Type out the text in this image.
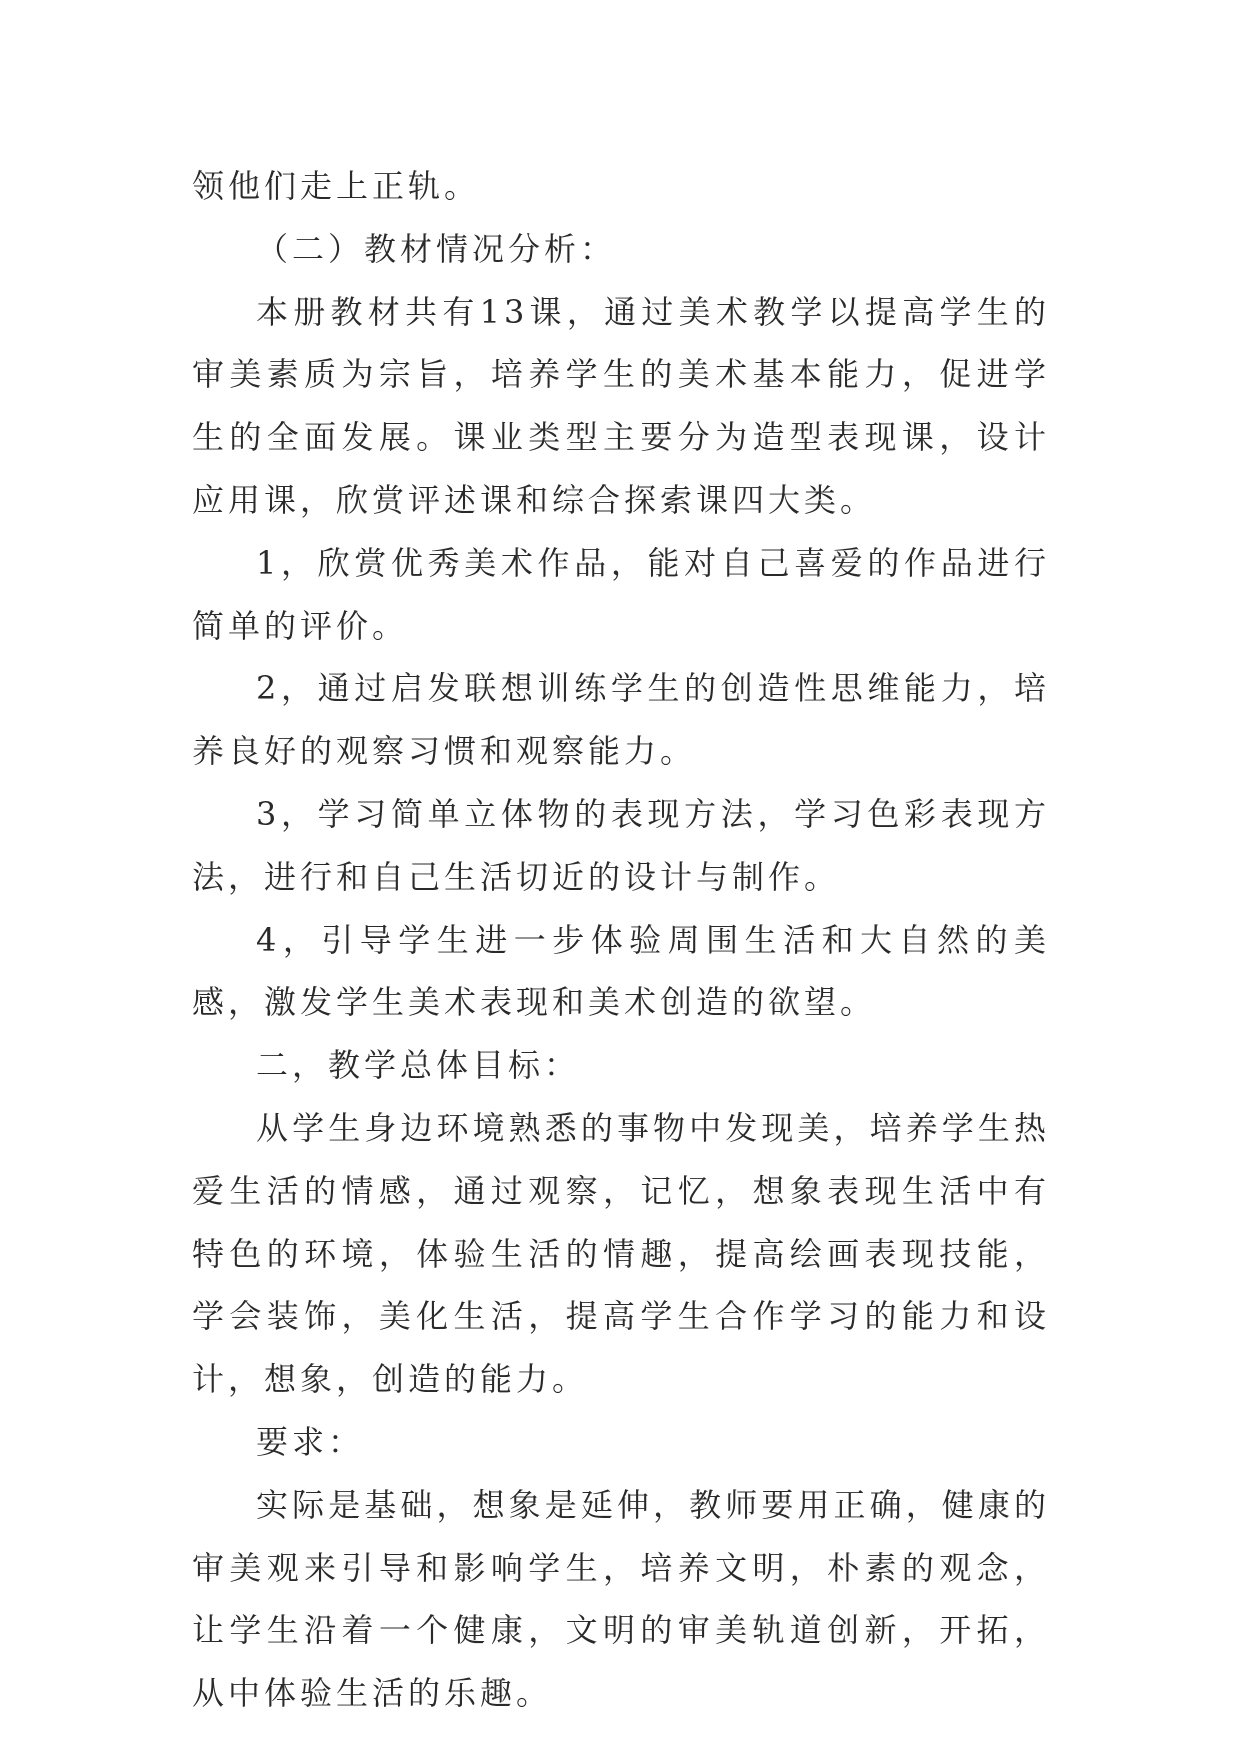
领他们走上正轨。

（二）教材情况分析：

本册教材共有13课，通过美术教学以提高学生的审美素质为宗旨，培养学生的美术基本能力，促进学生的全面发展。课业类型主要分为造型表现课，设计应用课，欣赏评述课和综合探索课四大类。

1，欣赏优秀美术作品，能对自己喜爱的作品进行简单的评价。

2，通过启发联想训练学生的创造性思维能力，培养良好的观察习惯和观察能力。

3，学习简单立体物的表现方法，学习色彩表现方法，进行和自己生活切近的设计与制作。

4，引导学生进一步体验周围生活和大自然的美感，激发学生美术表现和美术创造的欲望。

二，教学总体目标：

从学生身边环境熟悉的事物中发现美，培养学生热爱生活的情感，通过观察，记忆，想象表现生活中有特色的环境，体验生活的情趣，提高绘画表现技能，学会装饰，美化生活，提高学生合作学习的能力和设计，想象，创造的能力。

要求：

实际是基础，想象是延伸，教师要用正确，健康的审美观来引导和影响学生，培养文明，朴素的观念，让学生沿着一个健康，文明的审美轨道创新，开拓，从中体验生活的乐趣。
